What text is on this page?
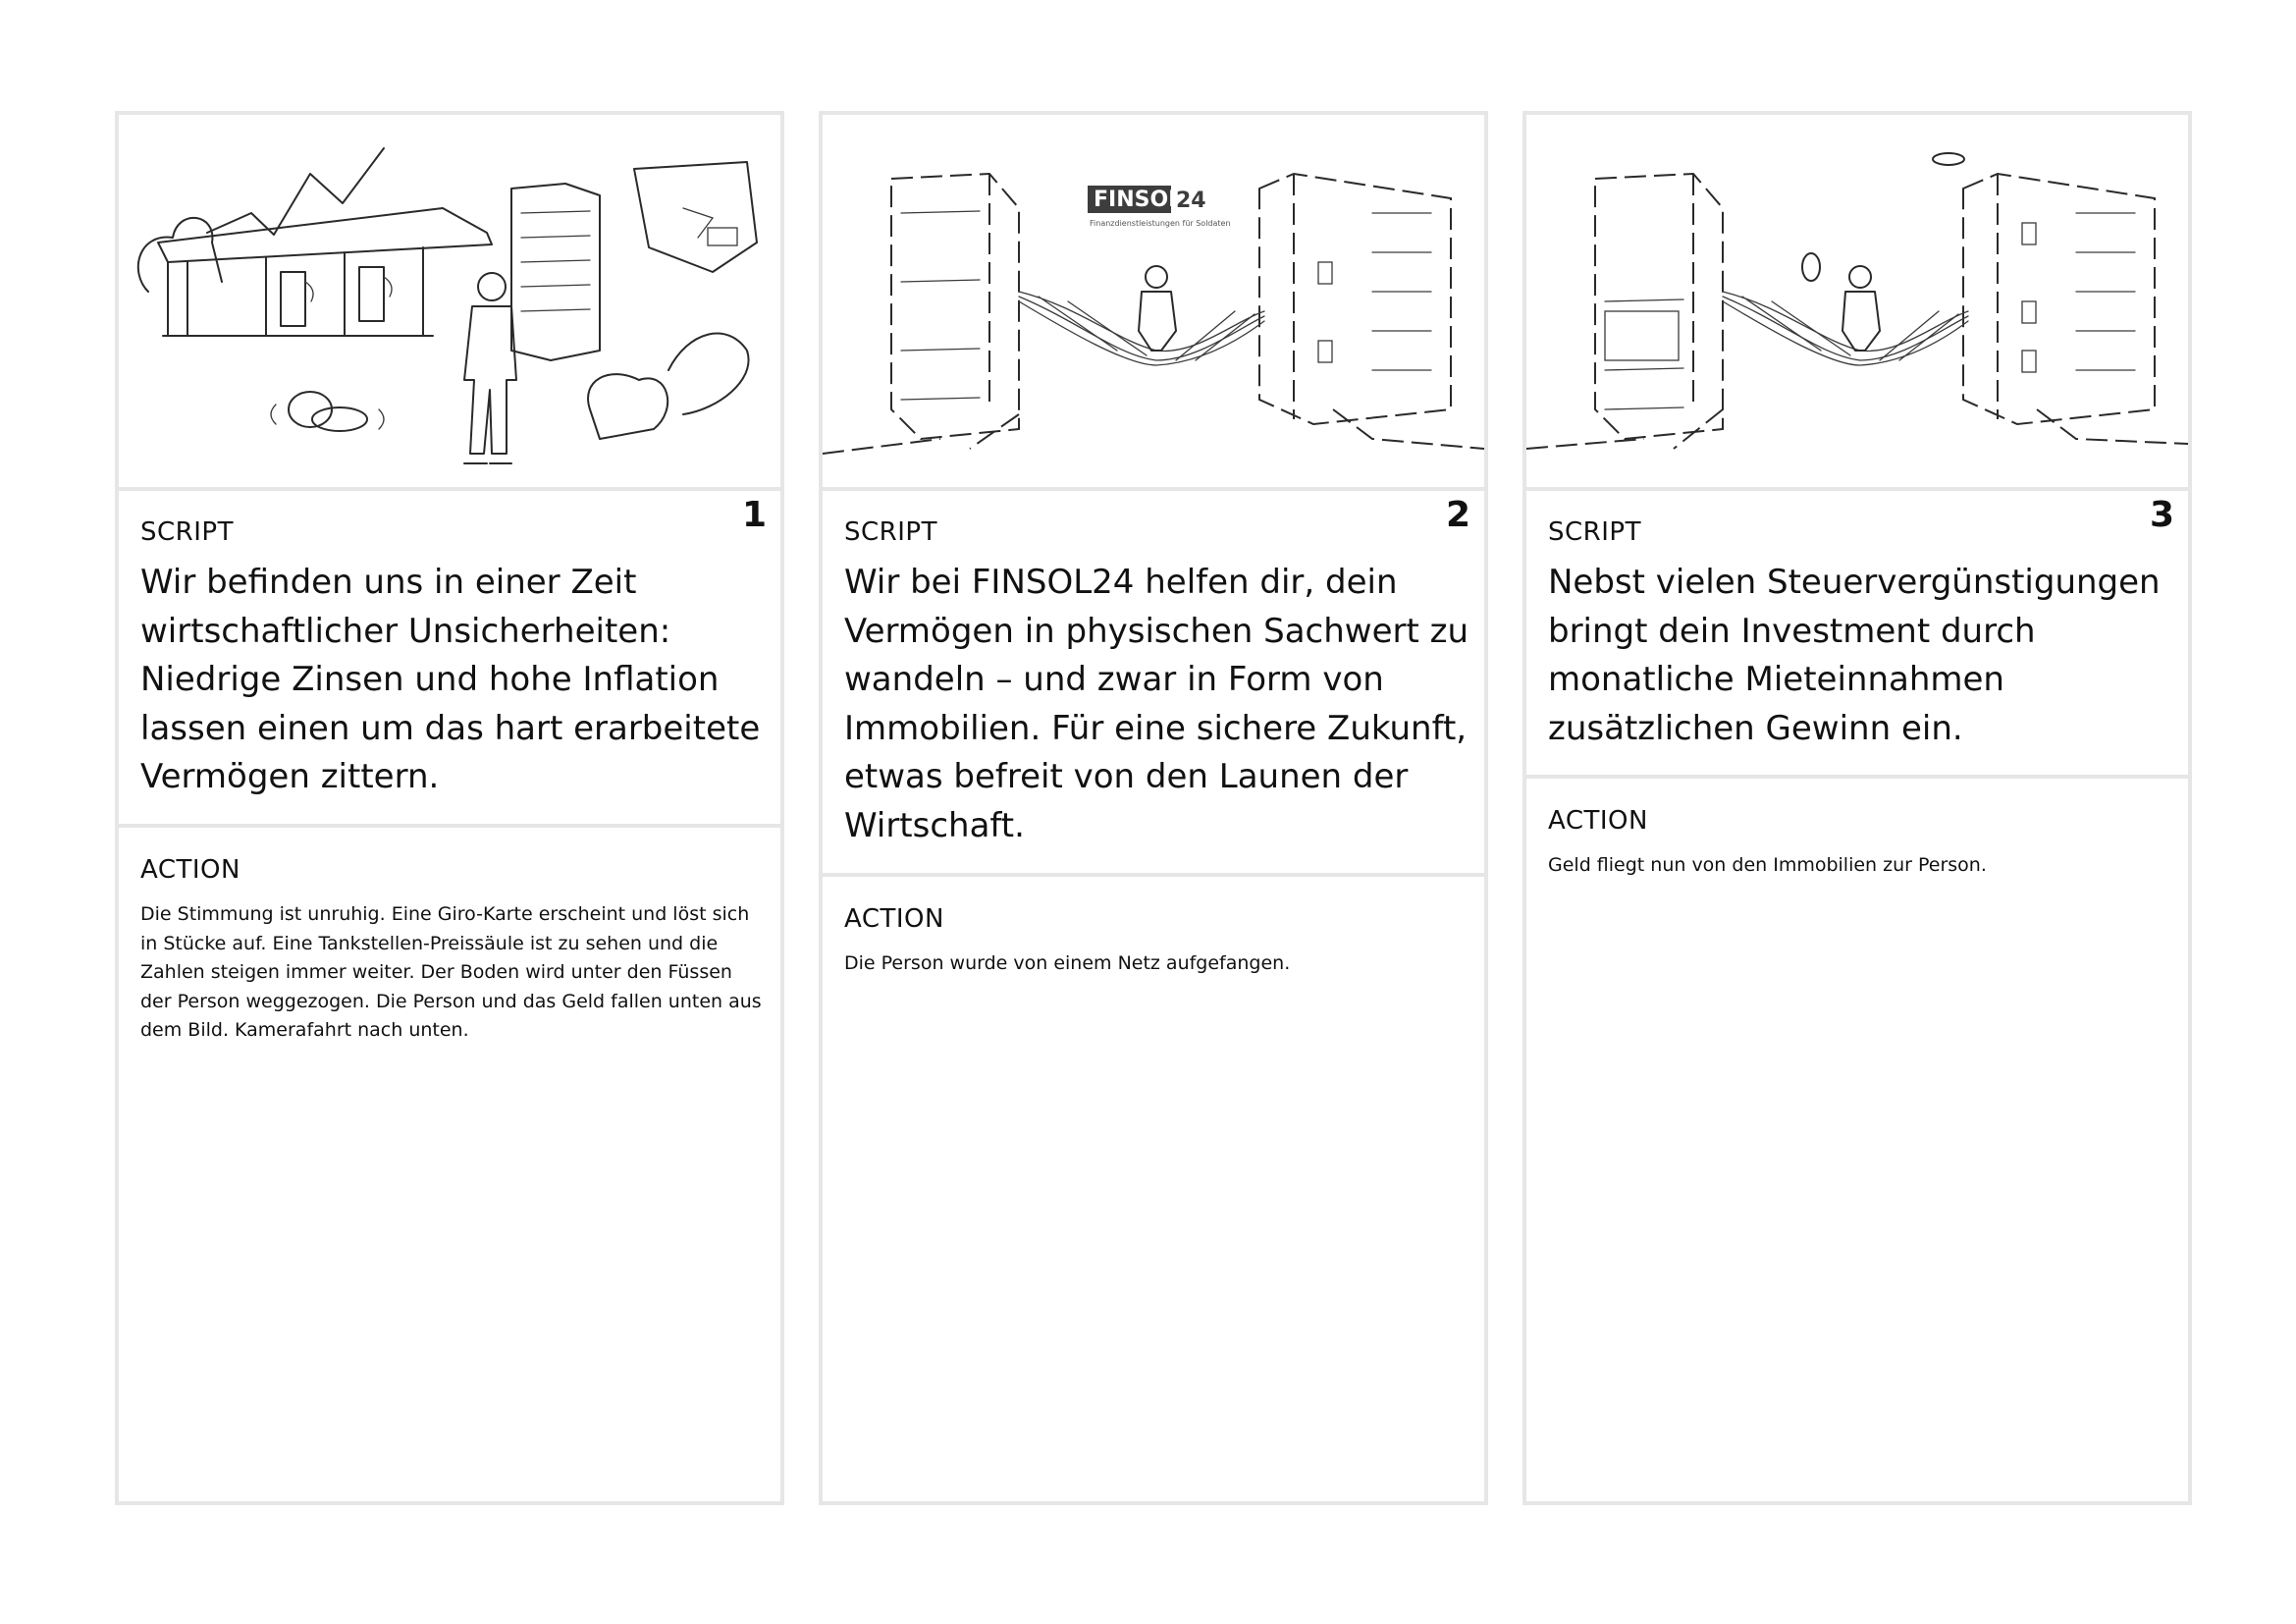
1
SCRIPT
Wir befinden uns in einer Zeit wirtschaftlicher Unsicherheiten: Niedrige Zinsen und hohe Inflation lassen einen um das hart erarbeitete Vermögen zittern.
ACTION
Die Stimmung ist unruhig. Eine Giro-Karte erscheint und löst sich in Stücke auf. Eine Tankstellen-Preissäule ist zu sehen und die Zahlen steigen immer weiter. Der Boden wird unter den Füssen der Person weggezogen. Die Person und das Geld fallen unten aus dem Bild. Kamerafahrt nach unten.
FINSOL
24
Finanzdienstleistungen für Soldaten
2
SCRIPT
Wir bei FINSOL24 helfen dir, dein Vermögen in physischen Sachwert zu wandeln – und zwar in Form von Immobilien. Für eine sichere Zukunft, etwas befreit von den Launen der Wirtschaft.
ACTION
Die Person wurde von einem Netz aufgefangen.
3
SCRIPT
Nebst vielen Steuervergünstigungen bringt dein Investment durch monatliche Mieteinnahmen zusätzlichen Gewinn ein.
ACTION
Geld fliegt nun von den Immobilien zur Person.
